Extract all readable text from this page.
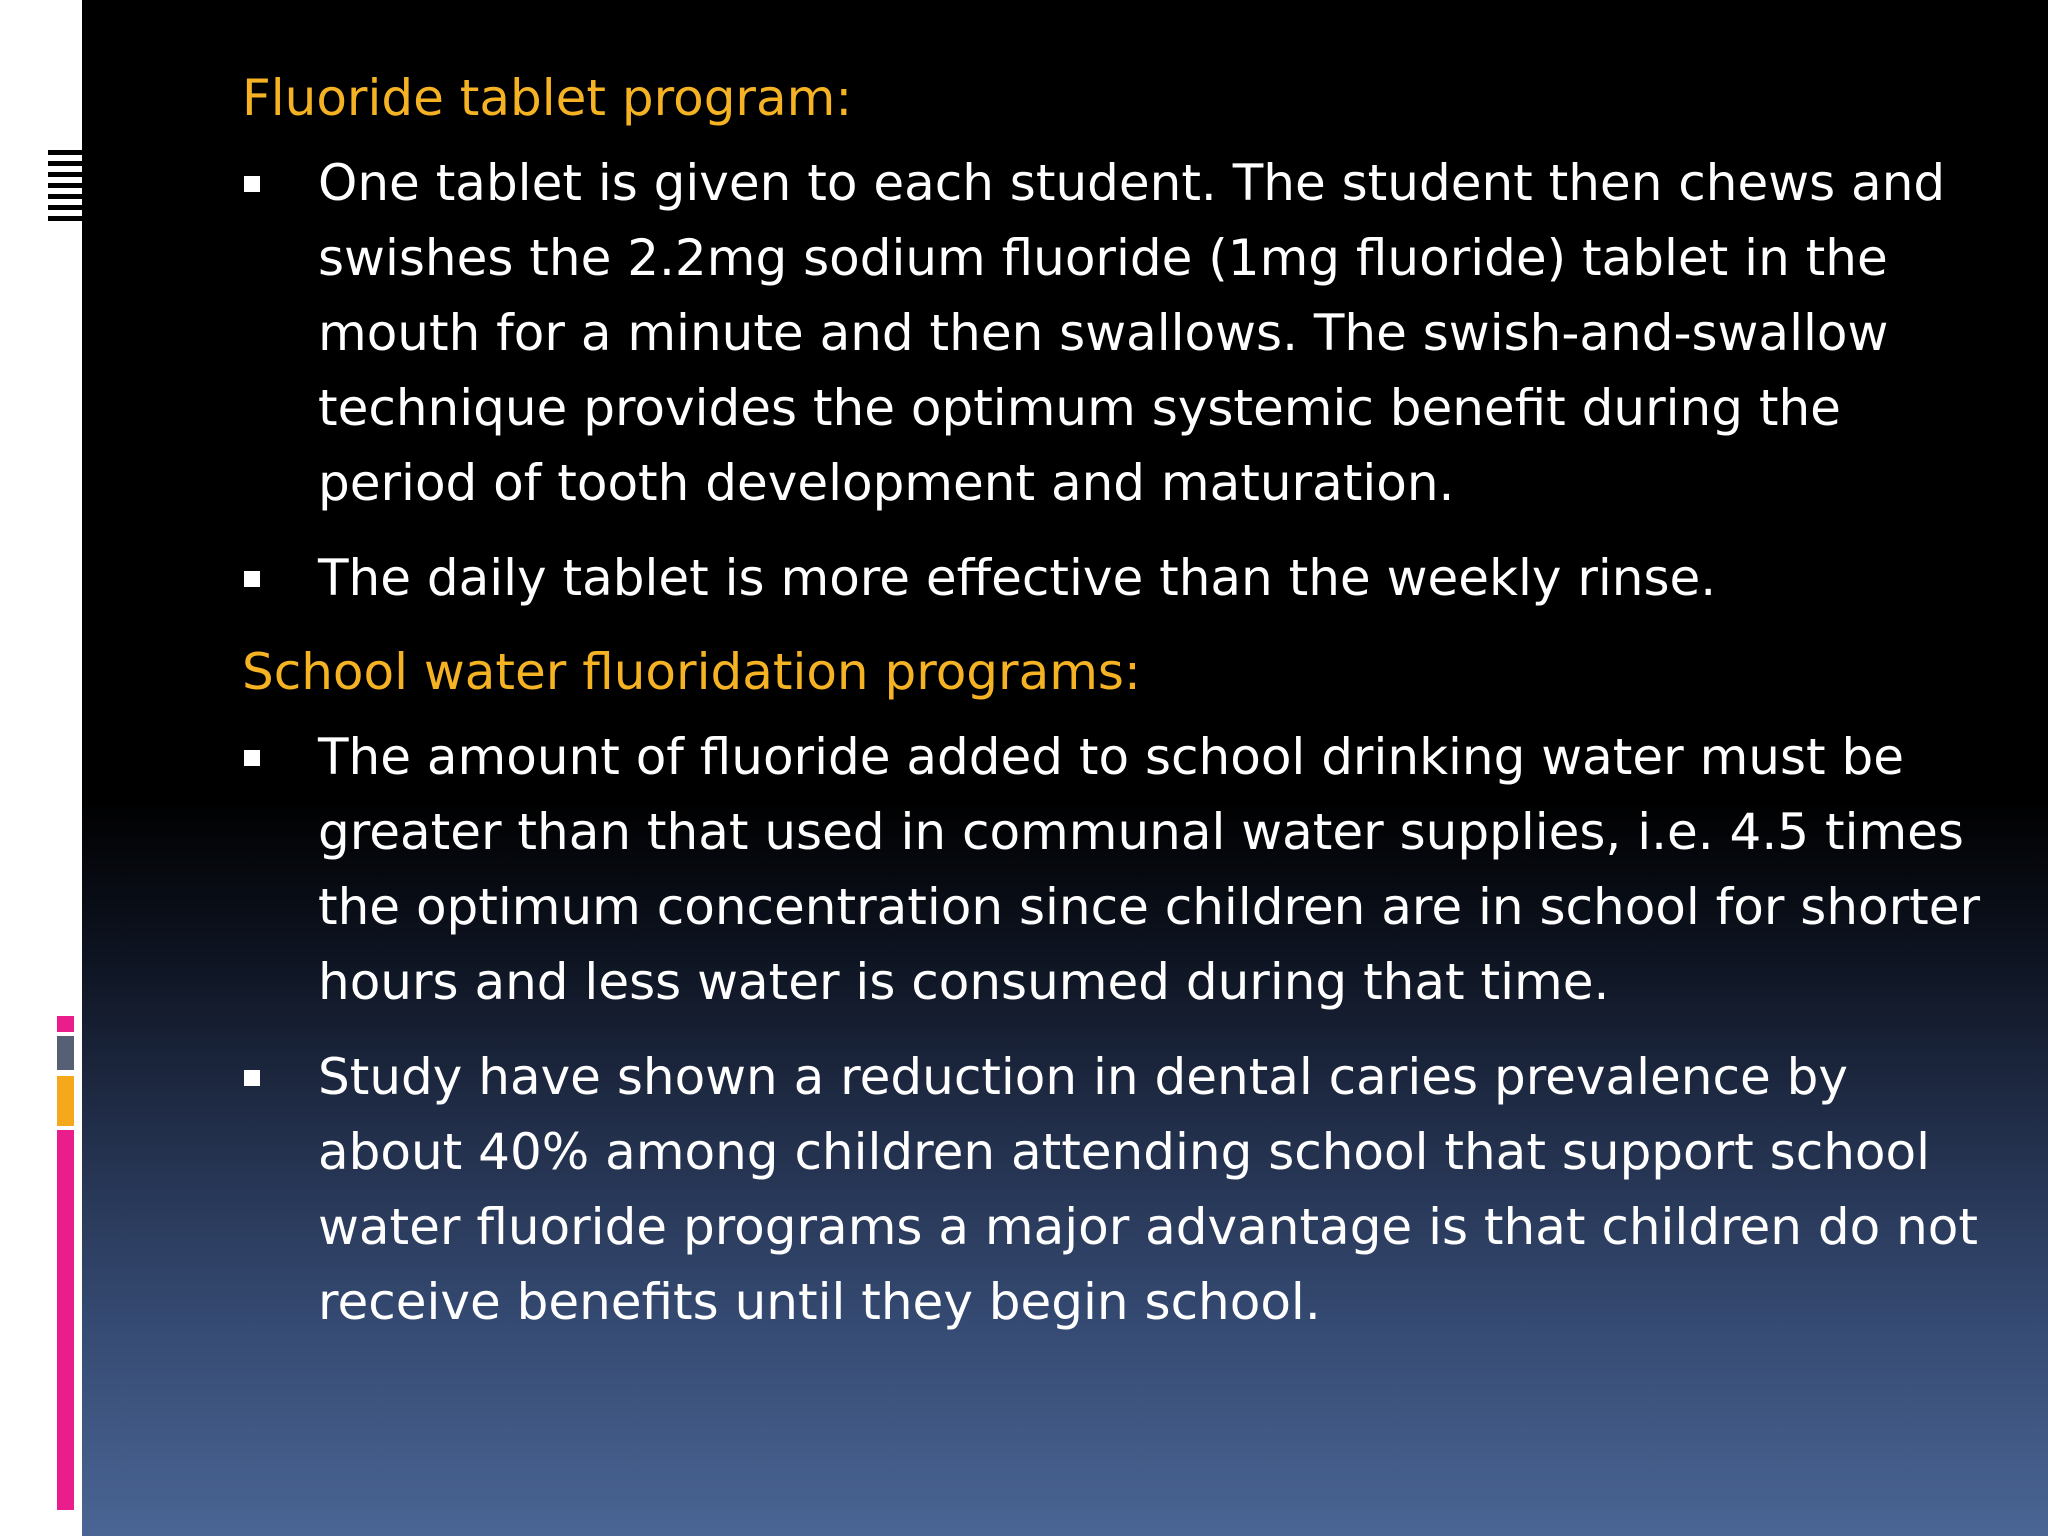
Fluoride tablet program:
One tablet is given to each student. The student then chews and swishes the 2.2mg sodium fluoride (1mg fluoride) tablet in the mouth for a minute and then swallows. The swish-and-swallow technique provides the optimum systemic benefit during the period of tooth development and maturation.
The daily tablet is more effective than the weekly rinse.
School water fluoridation programs:
The amount of fluoride added to school drinking water must be greater than that used in communal water supplies, i.e. 4.5 times the optimum concentration since children are in school for shorter hours and less water is consumed during that time.
Study have shown a reduction in dental caries prevalence by about 40% among children attending school that support school water fluoride programs a major advantage is that children do not receive benefits until they begin school.
